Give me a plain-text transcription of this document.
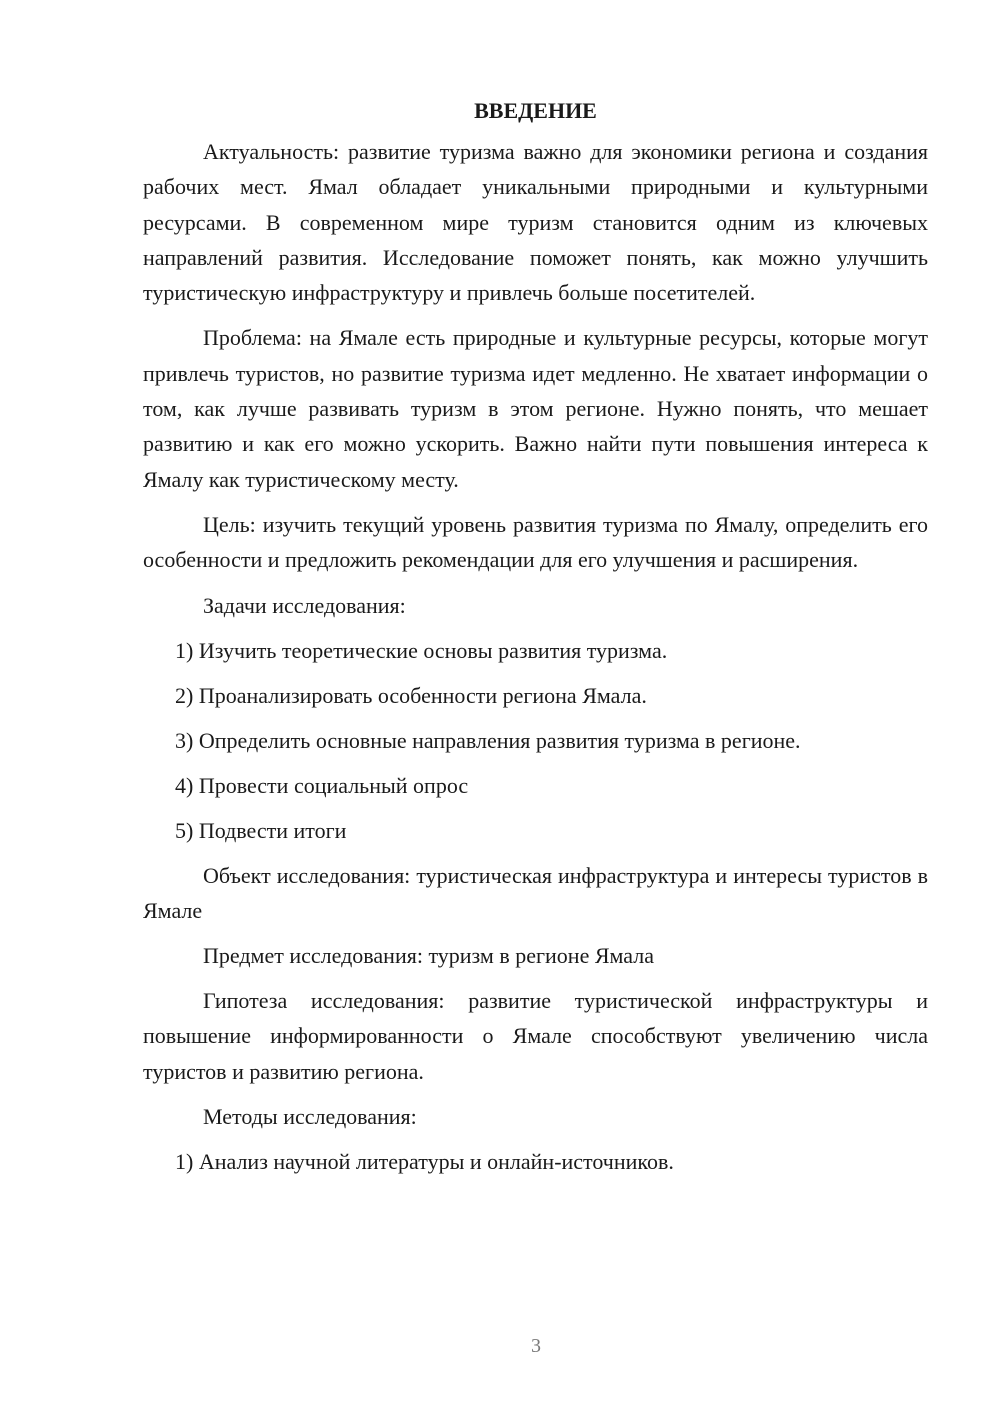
ВВЕДЕНИЕ

Актуальность: развитие туризма важно для экономики региона и создания рабочих мест. Ямал обладает уникальными природными и культурными ресурсами. В современном мире туризм становится одним из ключевых направлений развития. Исследование поможет понять, как можно улучшить туристическую инфраструктуру и привлечь больше посетителей.

Проблема: на Ямале есть природные и культурные ресурсы, которые могут привлечь туристов, но развитие туризма идет медленно. Не хватает информации о том, как лучше развивать туризм в этом регионе. Нужно понять, что мешает развитию и как его можно ускорить. Важно найти пути повышения интереса к Ямалу как туристическому месту.

Цель: изучить текущий уровень развития туризма по Ямалу, определить его особенности и предложить рекомендации для его улучшения и расширения.

Задачи исследования:
1) Изучить теоретические основы развития туризма.
2) Проанализировать особенности региона Ямала.
3) Определить основные направления развития туризма в регионе.
4) Провести социальный опрос
5) Подвести итоги

Объект исследования: туристическая инфраструктура и интересы туристов в Ямале

Предмет исследования: туризм в регионе Ямала

Гипотеза исследования: развитие туристической инфраструктуры и повышение информированности о Ямале способствуют увеличению числа туристов и развитию региона.

Методы исследования:
1) Анализ научной литературы и онлайн-источников.
3
